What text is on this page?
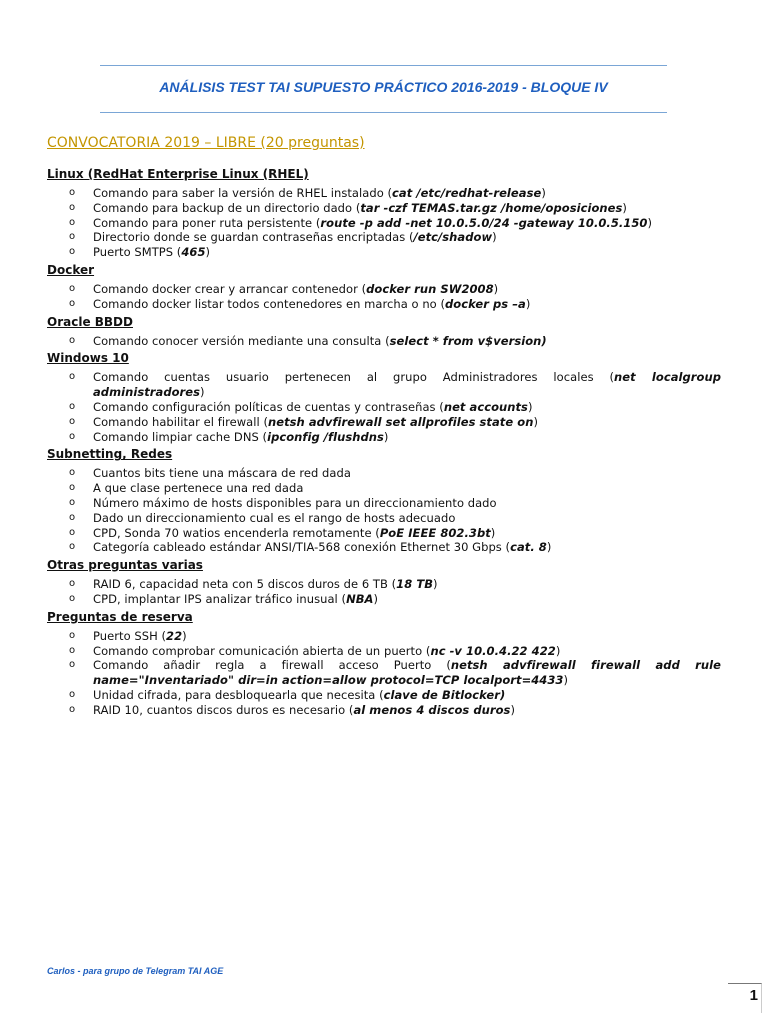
ANÁLISIS TEST TAI SUPUESTO PRÁCTICO 2016-2019 - BLOQUE IV
CONVOCATORIA 2019 – LIBRE (20 preguntas)
Linux (RedHat Enterprise Linux (RHEL)
o Comando para saber la versión de RHEL instalado (cat /etc/redhat-release)
o Comando para backup de un directorio dado (tar -czf TEMAS.tar.gz /home/oposiciones)
o Comando para poner ruta persistente (route -p add -net 10.0.5.0/24 -gateway 10.0.5.150)
o Directorio donde se guardan contraseñas encriptadas (/etc/shadow)
o Puerto SMTPS (465)
Docker
o Comando docker crear y arrancar contenedor (docker run SW2008)
o Comando docker listar todos contenedores en marcha o no (docker ps –a)
Oracle BBDD
o Comando conocer versión mediante una consulta (select * from v$version)
Windows 10
o Comando cuentas usuario pertenecen al grupo Administradores locales (net localgroup administradores)
o Comando configuración políticas de cuentas y contraseñas (net accounts)
o Comando habilitar el firewall (netsh advfirewall set allprofiles state on)
o Comando limpiar cache DNS (ipconfig /flushdns)
Subnetting, Redes
o Cuantos bits tiene una máscara de red dada
o A que clase pertenece una red dada
o Número máximo de hosts disponibles para un direccionamiento dado
o Dado un direccionamiento cual es el rango de hosts adecuado
o CPD, Sonda 70 watios encenderla remotamente (PoE IEEE 802.3bt)
o Categoría cableado estándar ANSI/TIA-568 conexión Ethernet 30 Gbps (cat. 8)
Otras preguntas varias
o RAID 6, capacidad neta con 5 discos duros de 6 TB (18 TB)
o CPD, implantar IPS analizar tráfico inusual (NBA)
Preguntas de reserva
o Puerto SSH (22)
o Comando comprobar comunicación abierta de un puerto (nc -v 10.0.4.22 422)
o Comando añadir regla a firewall acceso Puerto (netsh advfirewall firewall add rule name="Inventariado" dir=in action=allow protocol=TCP localport=4433)
o Unidad cifrada, para desbloquearla que necesita (clave de Bitlocker)
o RAID 10, cuantos discos duros es necesario (al menos 4 discos duros)
Carlos - para grupo de Telegram TAI AGE
1
